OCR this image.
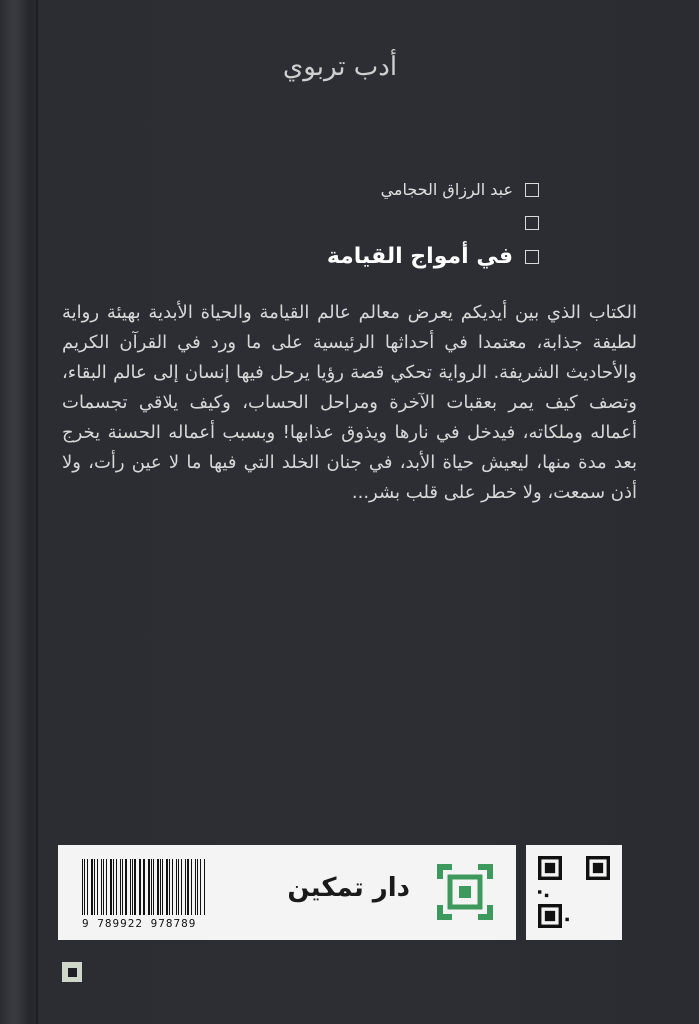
أدب تربوي
عبد الرزاق الحجامي
في أمواج القيامة
الكتاب الذي بين أيديكم يعرض معالم عالم القيامة والحياة الأبدية بهيئة رواية لطيفة جذابة، معتمدا في أحداثها الرئيسية على ما ورد في القرآن الكريم والأحاديث الشريفة. الرواية تحكي قصة رؤيا يرحل فيها إنسان إلى عالم البقاء، وتصف كيف يمر بعقبات الآخرة ومراحل الحساب، وكيف يلاقي تجسمات أعماله وملكاته، فيدخل في نارها ويذوق عذابها! وبسبب أعماله الحسنة يخرج بعد مدة منها، ليعيش حياة الأبد، في جنان الخلد التي فيها ما لا عين رأت، ولا أذن سمعت، ولا خطر على قلب بشر...
9 789922 978789
دار تمكين
